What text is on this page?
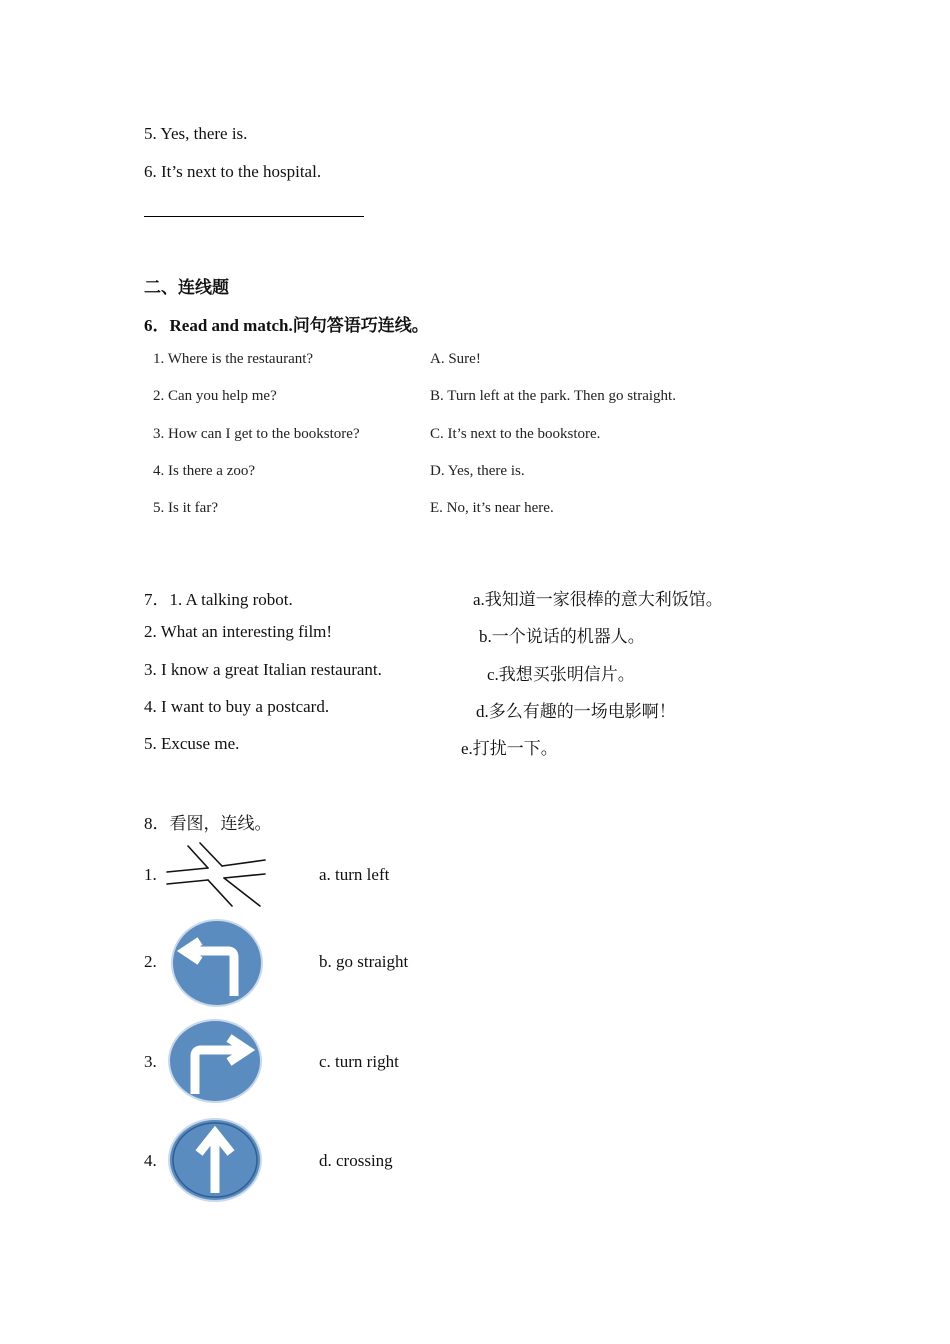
5. Yes, there is.
6. It’s next to the hospital.
二、连线题
6．Read and match.问句答语巧连线。
1. Where is the restaurant?
2. Can you help me?
3. How can I get to the bookstore?
4. Is there a zoo?
5. Is it far?
A. Sure!
B. Turn left at the park. Then go straight.
C. It’s next to the bookstore.
D. Yes, there is.
E. No, it’s near here.
7．1. A talking robot.
2. What an interesting film!
3. I know a great Italian restaurant.
4. I want to buy a postcard.
5. Excuse me.
a.我知道一家很棒的意大利饭馆。
b.一个说话的机器人。
c.我想买张明信片。
d.多么有趣的一场电影啊！
e.打扰一下。
8．看图，连线。
1.
2.
3.
4.
a. turn left
b. go straight
c. turn right
d. crossing
